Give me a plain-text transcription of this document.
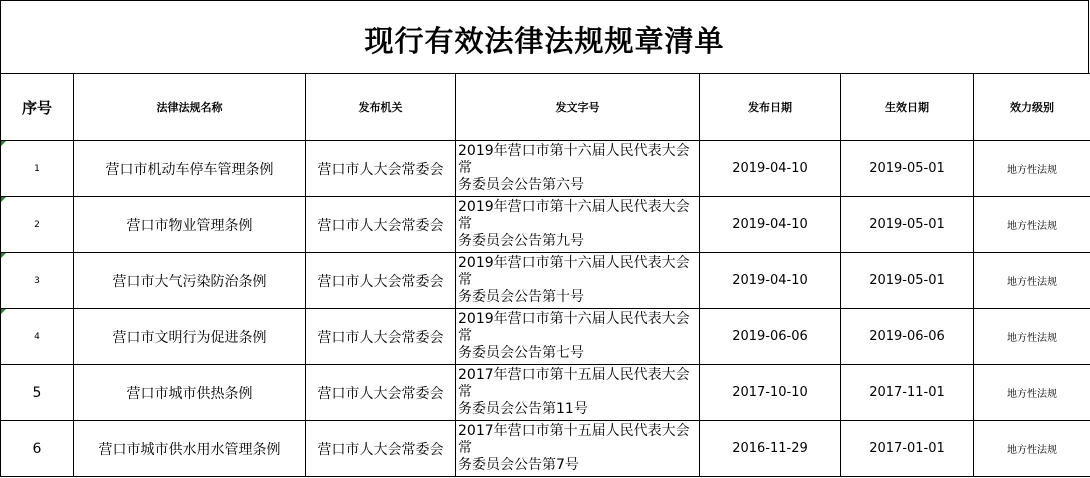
现行有效法律法规规章清单
序号	法律法规名称	发布机关	发文字号	发布日期	生效日期	效力级别

1	营口市机动车停车管理条例	营口市人大会常委会	2019年营口市第十六届人民代表大会常
务委员会公告第六号	2019-04-10	2019-05-01	地方性法规

2	营口市物业管理条例	营口市人大会常委会	2019年营口市第十六届人民代表大会常
务委员会公告第九号	2019-04-10	2019-05-01	地方性法规

3	营口市大气污染防治条例	营口市人大会常委会	2019年营口市第十六届人民代表大会常
务委员会公告第十号	2019-04-10	2019-05-01	地方性法规

4	营口市文明行为促进条例	营口市人大会常委会	2019年营口市第十六届人民代表大会常
务委员会公告第七号	2019-06-06	2019-06-06	地方性法规
5	营口市城市供热条例	营口市人大会常委会	2017年营口市第十五届人民代表大会常
务委员会公告第11号	2017-10-10	2017-11-01	地方性法规
6	营口市城市供水用水管理条例	营口市人大会常委会	2017年营口市第十五届人民代表大会常
务委员会公告第7号	2016-11-29	2017-01-01	地方性法规
